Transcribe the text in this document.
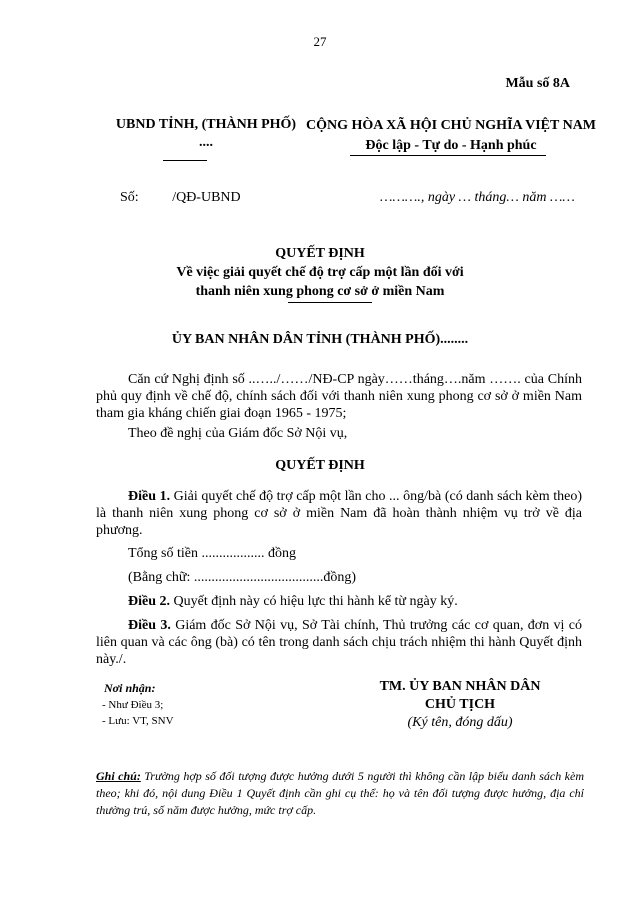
27
Mẫu số 8A
UBND TỈNH, (THÀNH PHỐ)
....
CỘNG HÒA XÃ HỘI CHỦ NGHĨA VIỆT NAM
Độc lập - Tự do - Hạnh phúc
Số: /QĐ-UBND	………., ngày … tháng… năm ……
QUYẾT ĐỊNH
Về việc giải quyết chế độ trợ cấp một lần đối với
thanh niên xung phong cơ sở ở miền Nam
ỦY BAN NHÂN DÂN TỈNH (THÀNH PHỐ)........
Căn cứ Nghị định số ..…../……/NĐ-CP ngày……tháng….năm ……. của Chính phủ quy định về chế độ, chính sách đối với thanh niên xung phong cơ sở ở miền Nam tham gia kháng chiến giai đoạn 1965 - 1975;
Theo đề nghị của Giám đốc Sở Nội vụ,
QUYẾT ĐỊNH
Điều 1. Giải quyết chế độ trợ cấp một lần cho ... ông/bà (có danh sách kèm theo) là thanh niên xung phong cơ sở ở miền Nam đã hoàn thành nhiệm vụ trở về địa phương.
Tổng số tiền .................. đồng
(Bằng chữ: .....................................đồng)
Điều 2. Quyết định này có hiệu lực thi hành kể từ ngày ký.
Điều 3. Giám đốc Sở Nội vụ, Sở Tài chính, Thủ trưởng các cơ quan, đơn vị có liên quan và các ông (bà) có tên trong danh sách chịu trách nhiệm thi hành Quyết định này./.
Nơi nhận:
- Như Điều 3;
- Lưu: VT, SNV
TM. ỦY BAN NHÂN DÂN
CHỦ TỊCH
(Ký tên, đóng dấu)
Ghi chú: Trường hợp số đối tượng được hưởng dưới 5 người thì không cần lập biểu danh sách kèm theo; khi đó, nội dung Điều 1 Quyết định cần ghi cụ thể: họ và tên đối tượng được hưởng, địa chỉ thường trú, số năm được hưởng, mức trợ cấp.
